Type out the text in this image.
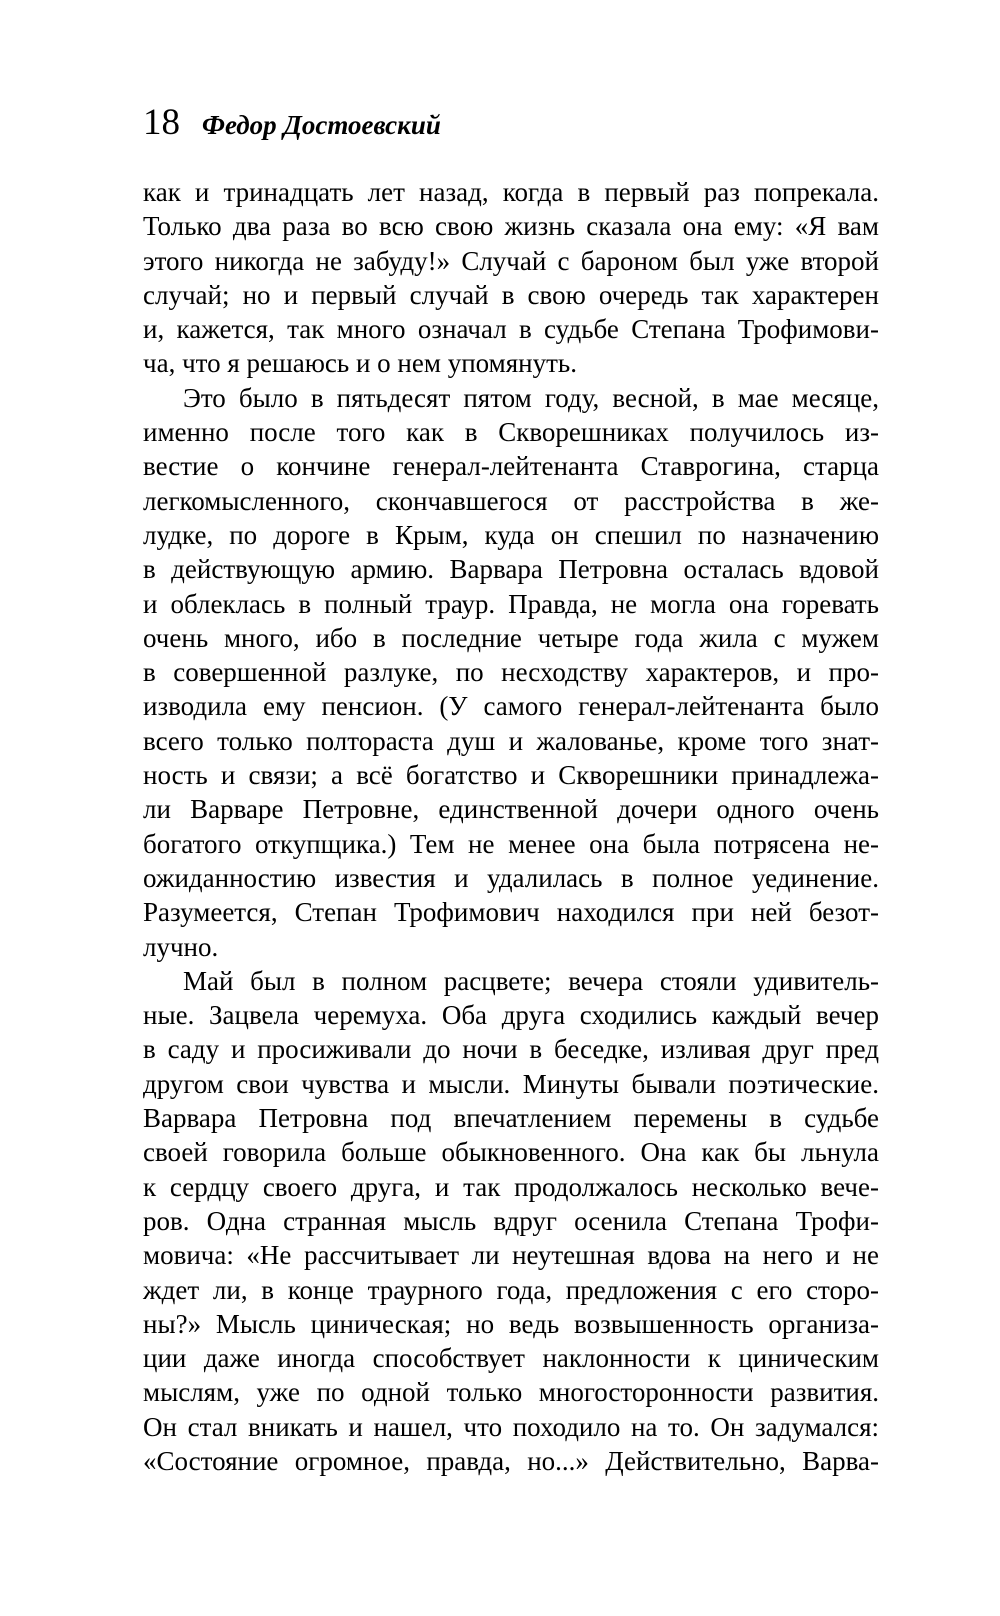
18 Федор Достоевский
как и тринадцать лет назад, когда в первый раз попрекала.
Только два раза во всю свою жизнь сказала она ему: «Я вам
этого никогда не забуду!» Случай с бароном был уже второй
случай; но и первый случай в свою очередь так характерен
и, кажется, так много означал в судьбе Степана Трофимови-
ча, что я решаюсь и о нем упомянуть.
Это было в пятьдесят пятом году, весной, в мае месяце,
именно после того как в Скворешниках получилось из-
вестие о кончине генерал-лейтенанта Ставрогина, старца
легкомысленного, скончавшегося от расстройства в же-
лудке, по дороге в Крым, куда он спешил по назначению
в действующую армию. Варвара Петровна осталась вдовой
и облеклась в полный траур. Правда, не могла она горевать
очень много, ибо в последние четыре года жила с мужем
в совершенной разлуке, по несходству характеров, и про-
изводила ему пенсион. (У самого генерал-лейтенанта было
всего только полтораста душ и жалованье, кроме того знат-
ность и связи; а всё богатство и Скворешники принадлежа-
ли Варваре Петровне, единственной дочери одного очень
богатого откупщика.) Тем не менее она была потрясена не-
ожиданностию известия и удалилась в полное уединение.
Разумеется, Степан Трофимович находился при ней безот-
лучно.
Май был в полном расцвете; вечера стояли удивитель-
ные. Зацвела черемуха. Оба друга сходились каждый вечер
в саду и просиживали до ночи в беседке, изливая друг пред
другом свои чувства и мысли. Минуты бывали поэтические.
Варвара Петровна под впечатлением перемены в судьбе
своей говорила больше обыкновенного. Она как бы льнула
к сердцу своего друга, и так продолжалось несколько вече-
ров. Одна странная мысль вдруг осенила Степана Трофи-
мовича: «Не рассчитывает ли неутешная вдова на него и не
ждет ли, в конце траурного года, предложения с его сторо-
ны?» Мысль циническая; но ведь возвышенность организа-
ции даже иногда способствует наклонности к циническим
мыслям, уже по одной только многосторонности развития.
Он стал вникать и нашел, что походило на то. Он задумался:
«Состояние огромное, правда, но...» Действительно, Варва-
